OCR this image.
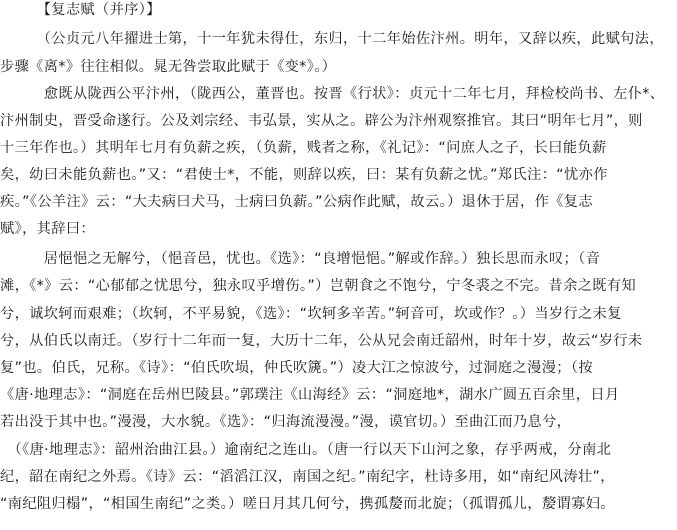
　　　【复志赋（并序）】
　　　（公贞元八年擢进士第，十一年犹未得仕，东归，十二年始佐汴州。明年，又辞以疾，此赋句法，
步骤《离*》往往相似。晁无咎尝取此赋于《变*》。）
　　　愈既从陇西公平汴州，（陇西公，董晋也。按晋《行状》：贞元十二年七月，拜检校尚书、左仆*、
汴州制史，晋受命遂行。公及刘宗经、韦弘景，实从之。辟公为汴州观察推官。其曰“明年七月”，则
十三年作也。）其明年七月有负薪之疾，（负薪，贱者之称，《礼记》：“问庶人之子，长曰能负薪
矣，幼曰未能负薪也。”又：“君使士*，不能，则辞以疾，曰：某有负薪之忧。”郑氏注：“忧亦作
疾。”《公羊注》云：“大夫病曰犬马，士病曰负薪。”公病作此赋，故云。）退休于居，作《复志
赋》，其辞曰：
　　　居悒悒之无解兮，（悒音邑，忧也。《选》：“良增悒悒。”解或作辞。）独长思而永叹；（音
滩，《*》云：“心郁郁之忧思兮，独永叹乎增伤。”）岂朝食之不饱兮，宁冬裘之不完。昔余之既有知
兮，诚坎轲而艰难；（坎轲，不平易貌，《选》：“坎轲多辛苦。”轲音可，坎或作？。）当岁行之未复
兮，从伯氏以南迁。（岁行十二年而一复，大历十二年，公从兄会南迁韶州，时年十岁，故云“岁行未
复”也。伯氏，兄称。《诗》：“伯氏吹埙，仲氏吹篪。”）凌大江之惊波兮，过洞庭之漫漫；（按
《唐·地理志》：“洞庭在岳州巴陵县。”郭璞注《山海经》云：“洞庭地*，湖水广圆五百余里，日月
若出没于其中也。”漫漫，大水貌。《选》：“归海流漫漫。”漫，谟官切。）至曲江而乃息兮，
　（《唐·地理志》：韶州治曲江县。）逾南纪之连山。（唐一行以天下山河之象，存乎两戒，分南北
纪，韶在南纪之外焉。《诗》云：“滔滔江汉，南国之纪。”南纪字，杜诗多用，如“南纪风涛壮”，
“南纪阻归榻”，“相国生南纪”之类。）嗟日月其几何兮，携孤嫠而北旋；（孤谓孤儿，嫠谓寡妇。
